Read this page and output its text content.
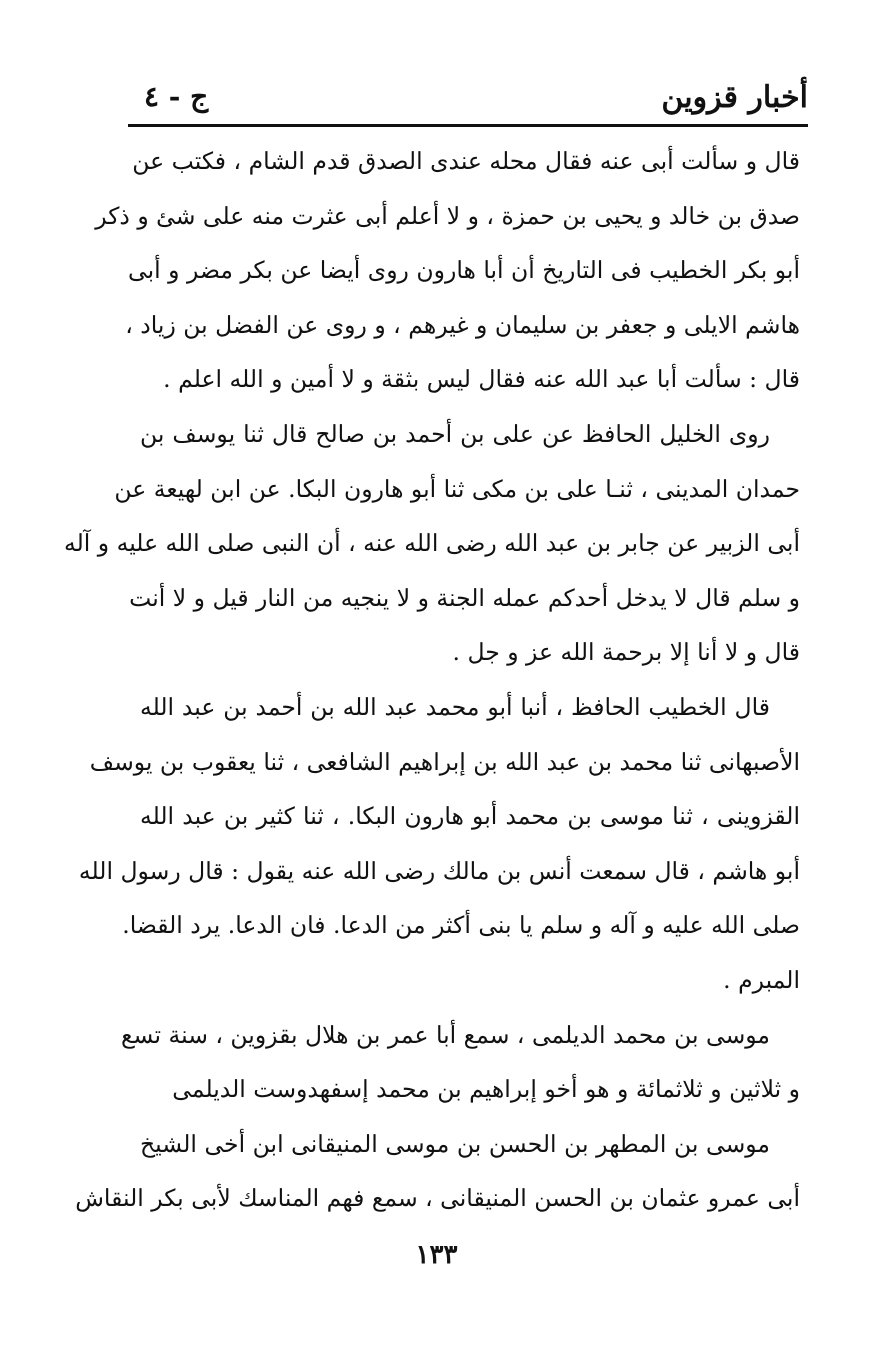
أخبار قزوين
ج - ٤
قال و سألت أبى عنه فقال محله عندى الصدق قدم الشام ، فكتب عن
صدق بن خالد و يحيى بن حمزة ، و لا أعلم أبى عثرت منه على شئ و ذكر
أبو بكر الخطيب فى التاريخ أن أبا هارون روى أيضا عن بكر مضر و أبى
هاشم الايلى و جعفر بن سليمان و غيرهم ، و روى عن الفضل بن زياد ،
قال : سألت أبا عبد الله عنه فقال ليس بثقة و لا أمين و الله اعلم .
روى الخليل الحافظ عن على بن أحمد بن صالح قال ثنا يوسف بن
حمدان المدينى ، ثنـا على بن مكى ثنا أبو هارون البكا. عن ابن لهيعة عن
أبى الزبير عن جابر بن عبد الله رضى الله عنه ، أن النبى صلى الله عليه و آله
و سلم قال لا يدخل أحدكم عمله الجنة و لا ينجيه من النار قيل و لا أنت
قال و لا أنا إلا برحمة الله عز و جل .
قال الخطيب الحافظ ، أنبا أبو محمد عبد الله بن أحمد بن عبد الله
الأصبهانى ثنا محمد بن عبد الله بن إبراهيم الشافعى ، ثنا يعقوب بن يوسف
القزوينى ، ثنا موسى بن محمد أبو هارون البكا. ، ثنا كثير بن عبد الله
أبو هاشم ، قال سمعت أنس بن مالك رضى الله عنه يقول : قال رسول الله
صلى الله عليه و آله و سلم يا بنى أكثر من الدعا. فان الدعا. يرد القضا.
المبرم .
موسى بن محمد الديلمى ، سمع أبا عمر بن هلال بقزوين ، سنة تسع
و ثلاثين و ثلاثمائة و هو أخو إبراهيم بن محمد إسفهدوست الديلمى
موسى بن المطهر بن الحسن بن موسى المنيقانى ابن أخى الشيخ
أبى عمرو عثمان بن الحسن المنيقانى ، سمع فهم المناسك لأبى بكر النقاش
١٣٣
